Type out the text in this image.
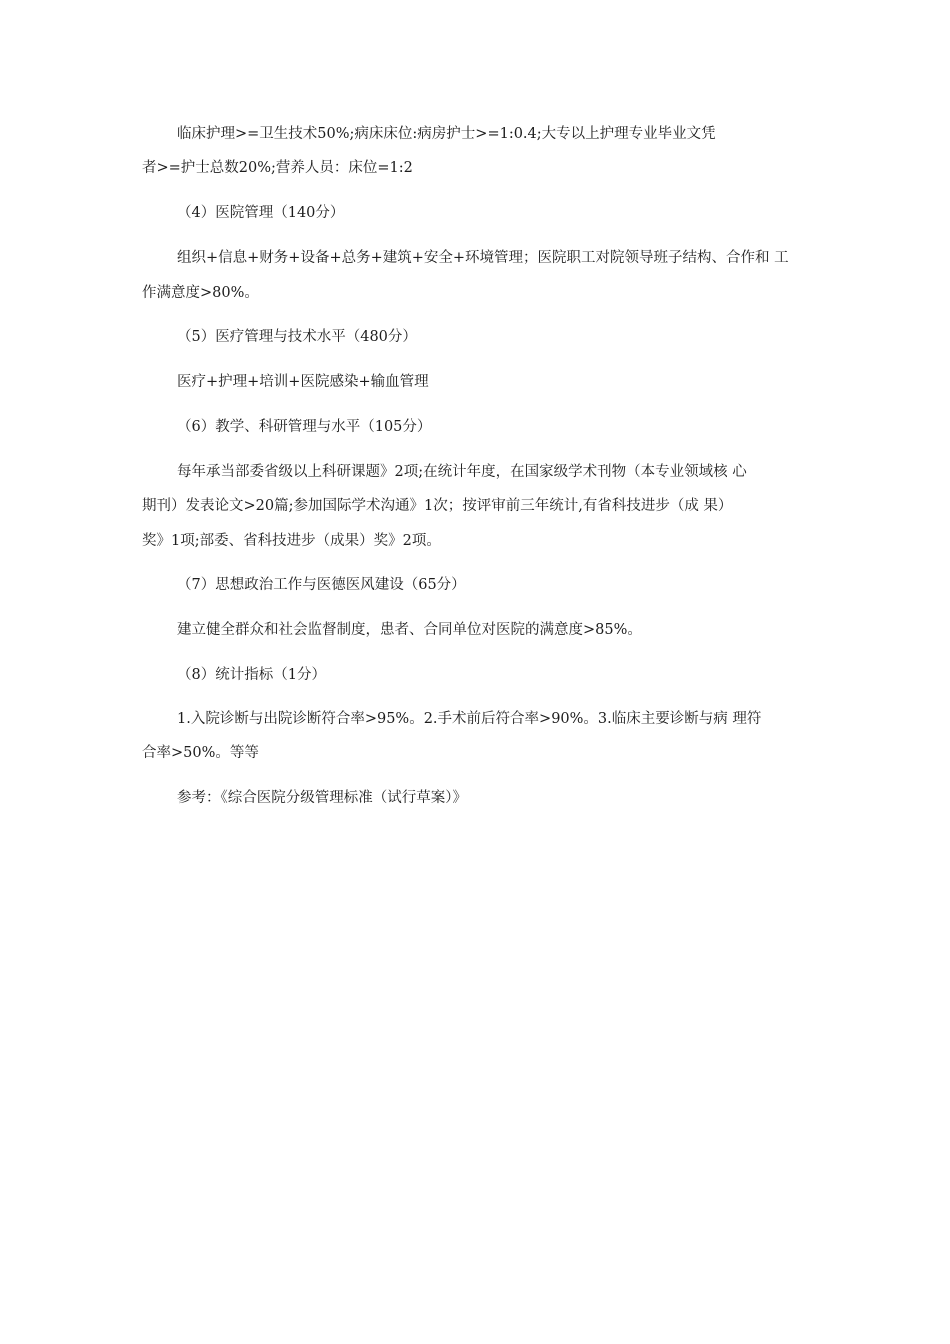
临床护理>=卫生技术50%;病床床位:病房护士>=1:0.4;大专以上护理专业毕业文凭
者>=护士总数20%;营养人员：床位=1:2
（4）医院管理（140分）
组织+信息+财务+设备+总务+建筑+安全+环境管理；医院职工对院领导班子结构、合作和 工
作满意度>80%。
（5）医疗管理与技术水平（480分）
医疗+护理+培训+医院感染+输血管理
（6）教学、科研管理与水平（105分）
每年承当部委省级以上科研课题》2项;在统计年度，在国家级学术刊物（本专业领域核 心
期刊）发表论文>20篇;参加国际学术沟通》1次；按评审前三年统计,有省科技进步（成 果）
奖》1项;部委、省科技进步（成果）奖》2项。
（7）思想政治工作与医德医风建设（65分）
建立健全群众和社会监督制度，患者、合同单位对医院的满意度>85%。
（8）统计指标（1分）
1.入院诊断与出院诊断符合率>95%。2.手术前后符合率>90%。3.临床主要诊断与病 理符
合率>50%。等等
参考：《综合医院分级管理标准（试行草案）》
